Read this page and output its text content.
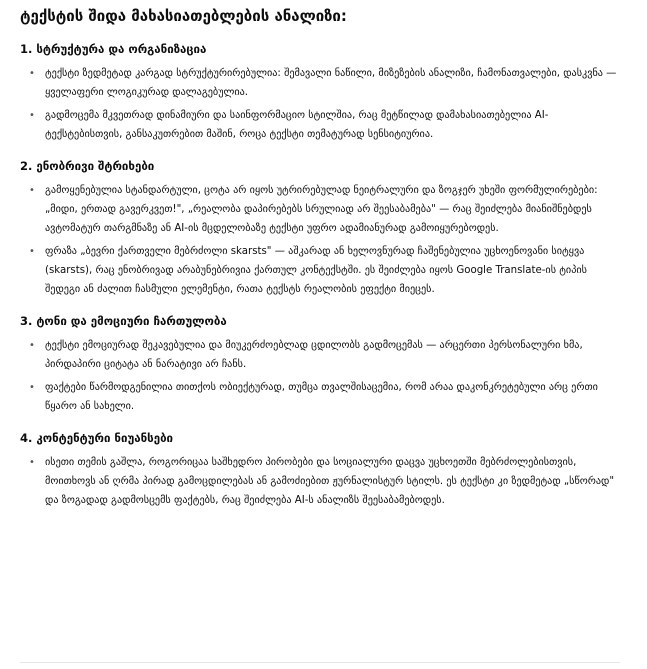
ტექსტის შიდა მახასიათებლების ანალიზი:
1. სტრუქტურა და ორგანიზაცია
• ტექსტი ზედმეტად კარგად სტრუქტურირებულია: შემავალი ნაწილი, მიზეზების ანალიზი, ჩამონათვალები, დასკვნა — ყველაფერი ლოგიკურად დალაგებულია.
• გადმოცემა მკვეთრად დინამიური და საინფორმაციო სტილშია, რაც მეტწილად დამახასიათებელია AI-ტექსტებისთვის, განსაკუთრებით მაშინ, როცა ტექსტი თემატურად სენსიტიურია.
2. ენობრივი შტრიხები
• გამოყენებულია სტანდარტული, ცოტა არ იყოს უტრირებულად ნეიტრალური და ზოგჯერ უხეში ფორმულირებები: „მიდი, ერთად გავერკვეთ!", „რეალობა დაპირებებს სრულიად არ შეესაბამება" — რაც შეიძლება მიანიშნებდეს ავტომატურ თარგმნაზე ან AI-ის მცდელობაზე ტექსტი უფრო ადამიანურად გამოიყურებოდეს.
• ფრაზა „ბევრი ქართველი მებრძოლი skarsts" — აშკარად ან ხელოვნურად ჩაშენებულია უცხოენოვანი სიტყვა (skarsts), რაც ენობრივად არაბუნებრივია ქართულ კონტექსტში. ეს შეიძლება იყოს Google Translate-ის ტიპის შედეგი ან ძალით ჩასმული ელემენტი, რათა ტექსტს რეალობის ეფექტი მიეცეს.
3. ტონი და ემოციური ჩართულობა
• ტექსტი ემოციურად შეკავებულია და მიუკერძოებლად ცდილობს გადმოცემას — არცერთი პერსონალური ხმა, პირდაპირი ციტატა ან ნარატივი არ ჩანს.
• ფაქტები წარმოდგენილია თითქოს ობიექტურად, თუმცა თვალშისაცემია, რომ არაა დაკონკრეტებული არც ერთი წყარო ან სახელი.
4. კონტენტური ნიუანსები
• ისეთი თემის გაშლა, როგორიცაა საშხედრო პირობები და სოციალური დაცვა უცხოეთში მებრძოლებისთვის, მოითხოვს ან ღრმა პირად გამოცდილებას ან გამოძიებით ჟურნალისტურ სტილს. ეს ტექსტი კი ზედმეტად „სწორად" და ზოგადად გადმოსცემს ფაქტებს, რაც შეიძლება AI-ს ანალიზს შეესაბამებოდეს.
